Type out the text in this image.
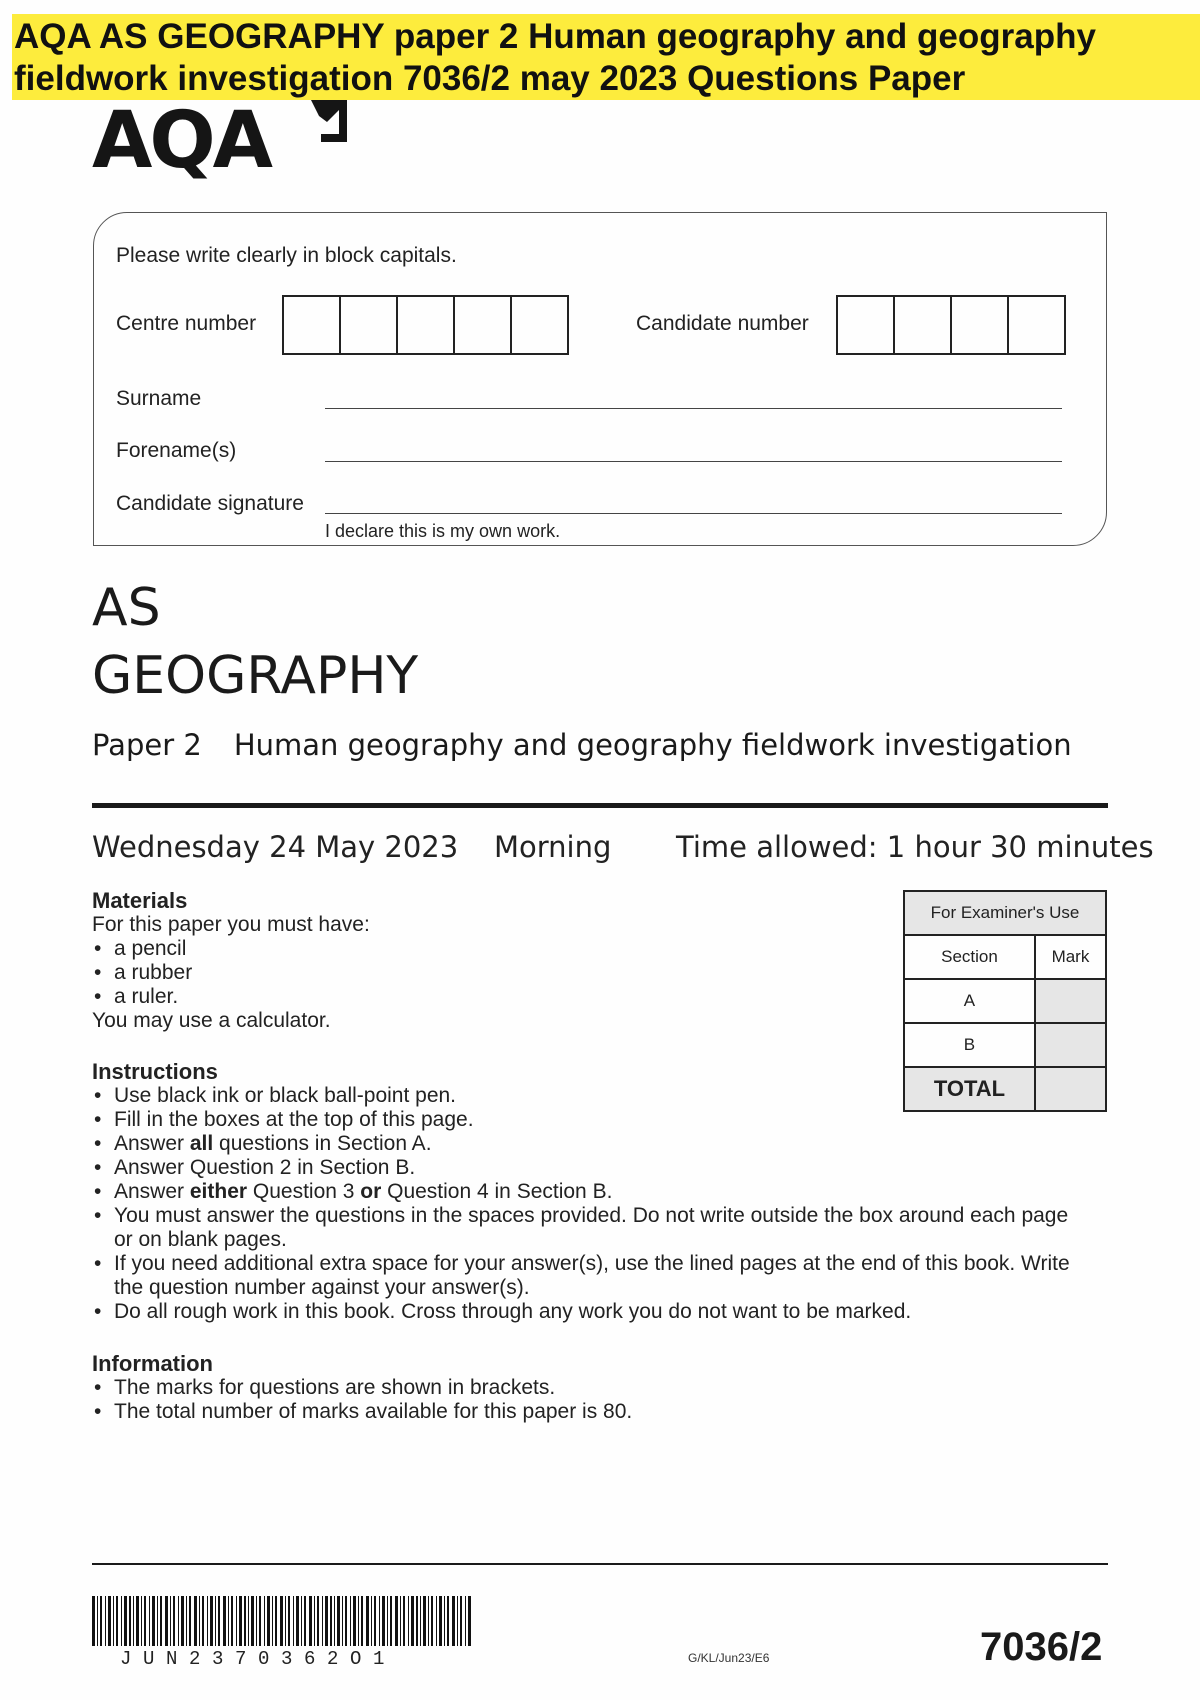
AQA AS GEOGRAPHY paper 2 Human geography and geography
fieldwork investigation 7036/2 may 2023 Questions Paper
AQA
Please write clearly in block capitals.
Centre number	Candidate number
Surname
Forename(s)
Candidate signature
I declare this is my own work.
AS
GEOGRAPHY
Paper 2 Human geography and geography fieldwork investigation
Wednesday 24 May 2023 Morning Time allowed: 1 hour 30 minutes
Materials
For this paper you must have:
• a pencil
• a rubber
• a ruler.
You may use a calculator.
Instructions
• Use black ink or black ball-point pen.
• Fill in the boxes at the top of this page.
• Answer all questions in Section A.
• Answer Question 2 in Section B.
• Answer either Question 3 or Question 4 in Section B.
• You must answer the questions in the spaces provided. Do not write outside the box around each page or on blank pages.
• If you need additional extra space for your answer(s), use the lined pages at the end of this book. Write the question number against your answer(s).
• Do all rough work in this book. Cross through any work you do not want to be marked.
Information
• The marks for questions are shown in brackets.
• The total number of marks available for this paper is 80.
For Examiner's Use	
Section	Mark
A	
B	
TOTAL	
JUN2370362O1	G/KL/Jun23/E6	7036/2
